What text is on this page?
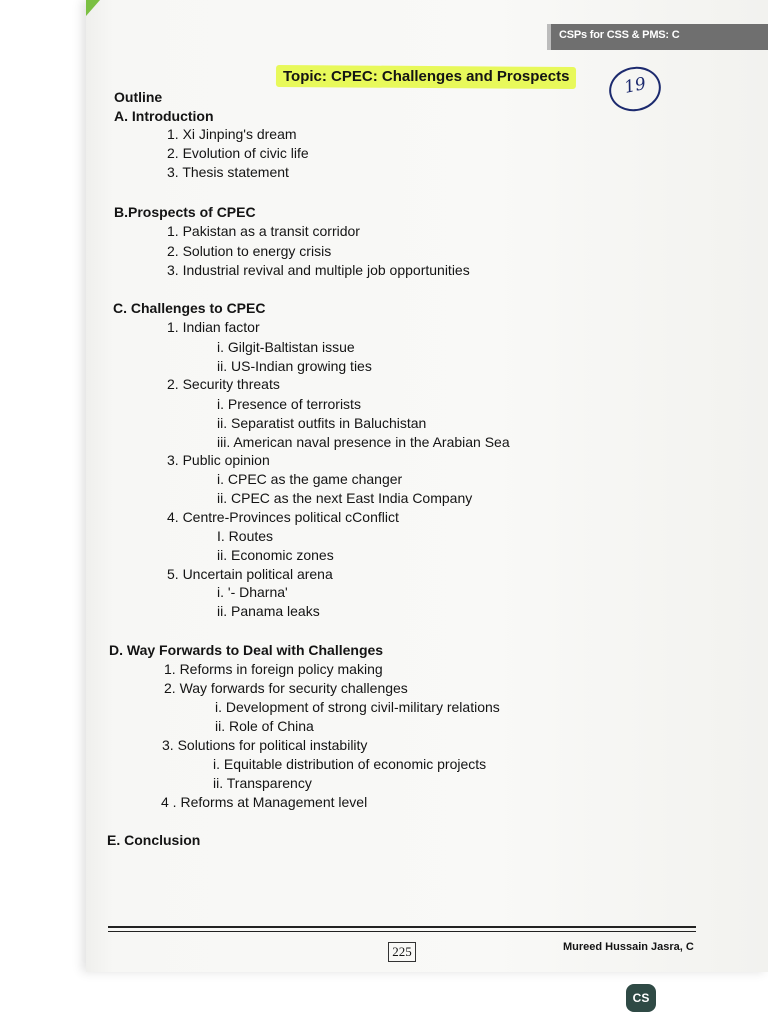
CSPs for CSS & PMS: C
Topic: CPEC: Challenges and Prospects	19
Outline
A. Introduction
1. Xi Jinping's dream
2. Evolution of civic life
3. Thesis statement
B.Prospects of CPEC
1. Pakistan as a transit corridor
2. Solution to energy crisis
3. Industrial revival and multiple job opportunities
C. Challenges to CPEC
1. Indian factor
i. Gilgit-Baltistan issue
ii. US-Indian growing ties
2. Security threats
i. Presence of terrorists
ii. Separatist outfits in Baluchistan
iii. American naval presence in the Arabian Sea
3. Public opinion
i. CPEC as the game changer
ii. CPEC as the next East India Company
4. Centre-Provinces political cConflict
I. Routes
ii. Economic zones
5. Uncertain political arena
i. '- Dharna'
ii. Panama leaks
D. Way Forwards to Deal with Challenges
1. Reforms in foreign policy making
2. Way forwards for security challenges
i. Development of strong civil-military relations
ii. Role of China
3. Solutions for political instability
i. Equitable distribution of economic projects
ii. Transparency
4 . Reforms at Management level
E. Conclusion
225	Mureed Hussain Jasra, C
CS
